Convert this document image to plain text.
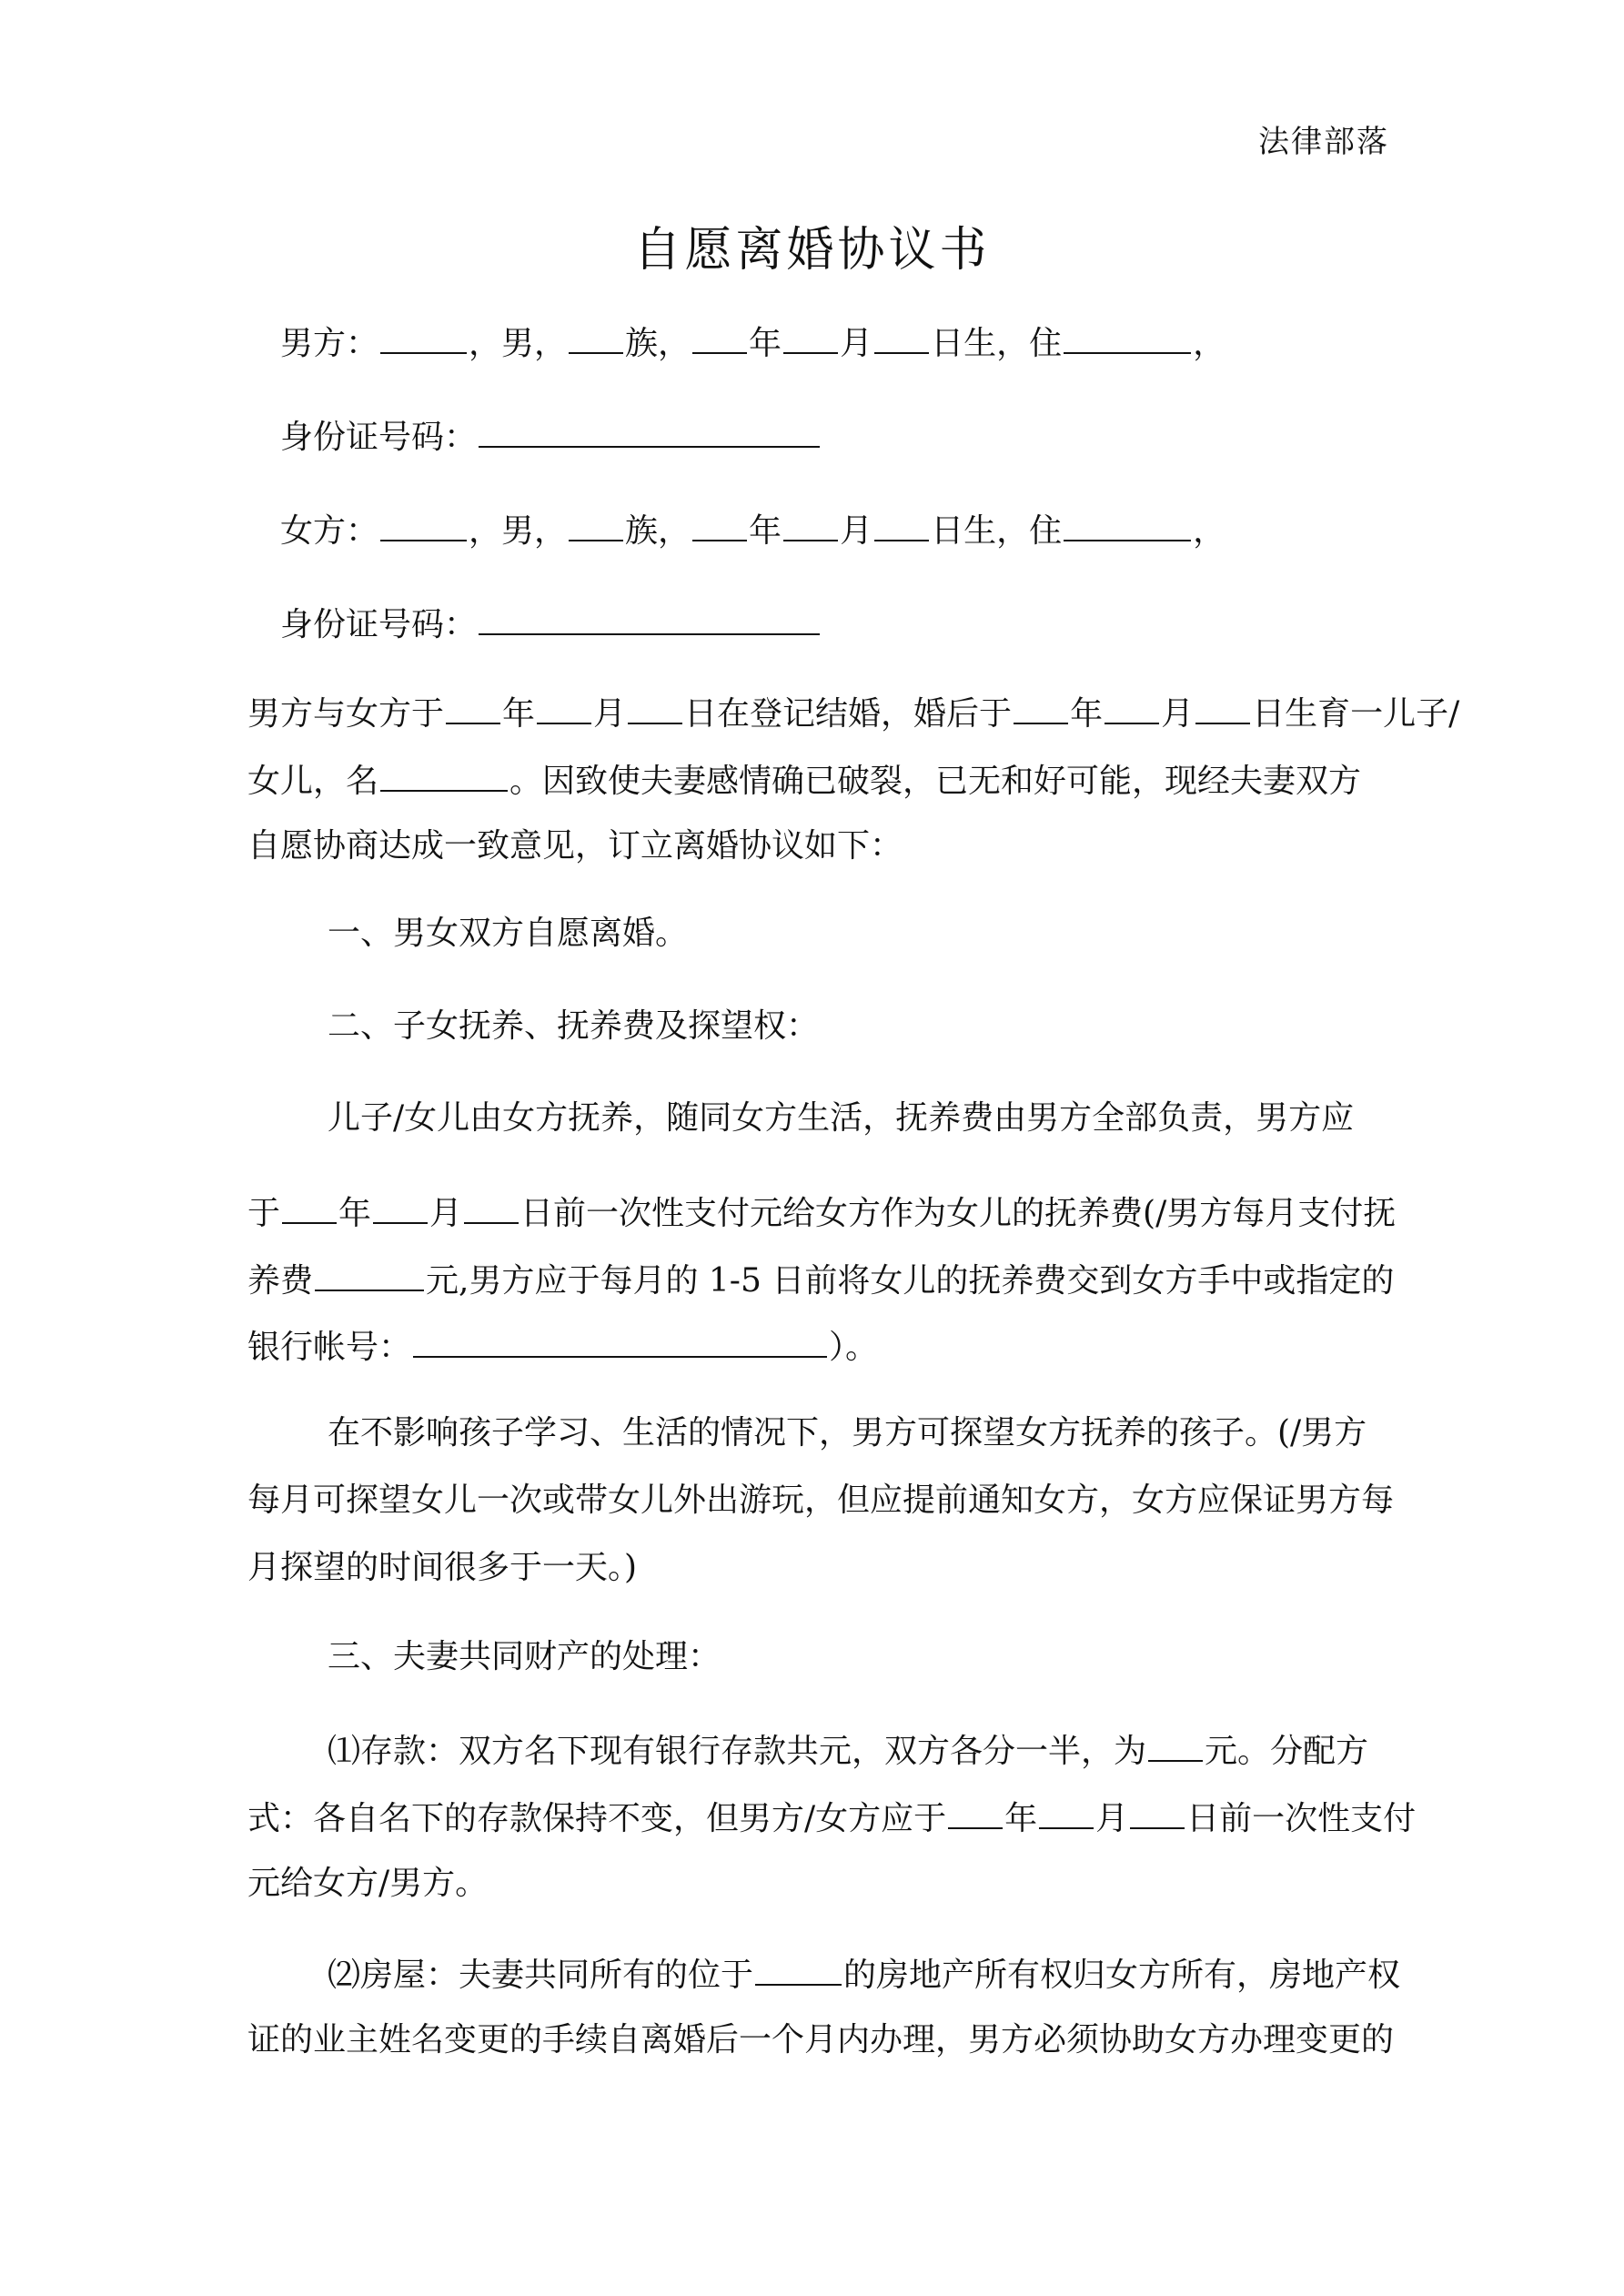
法律部落
自愿离婚协议书
男方：	，男， 族， 年 月 日生，住	，
身份证号码：
女方：	，男， 族， 年 月 日生，住	，
身份证号码：
男方与女方于 年 月 日在登记结婚，婚后于 年 月 日生育一儿子/
女儿，名	。因致使夫妻感情确已破裂，已无和好可能，现经夫妻双方
自愿协商达成一致意见，订立离婚协议如下：
一、男女双方自愿离婚。
二、子女抚养、抚养费及探望权：
儿子/女儿由女方抚养，随同女方生活，抚养费由男方全部负责，男方应
于 年 月 日前一次性支付元给女方作为女儿的抚养费(/男方每月支付抚
养费	元,男方应于每月的 1-5 日前将女儿的抚养费交到女方手中或指定的
银行帐号：	）。
在不影响孩子学习、生活的情况下，男方可探望女方抚养的孩子。(/男方
每月可探望女儿一次或带女儿外出游玩，但应提前通知女方，女方应保证男方每
月探望的时间很多于一天。)
三、夫妻共同财产的处理：
⑴存款：双方名下现有银行存款共元，双方各分一半，为 元。分配方
式：各自名下的存款保持不变，但男方/女方应于 年 月 日前一次性支付
元给女方/男方。
⑵房屋：夫妻共同所有的位于	的房地产所有权归女方所有，房地产权
证的业主姓名变更的手续自离婚后一个月内办理，男方必须协助女方办理变更的
